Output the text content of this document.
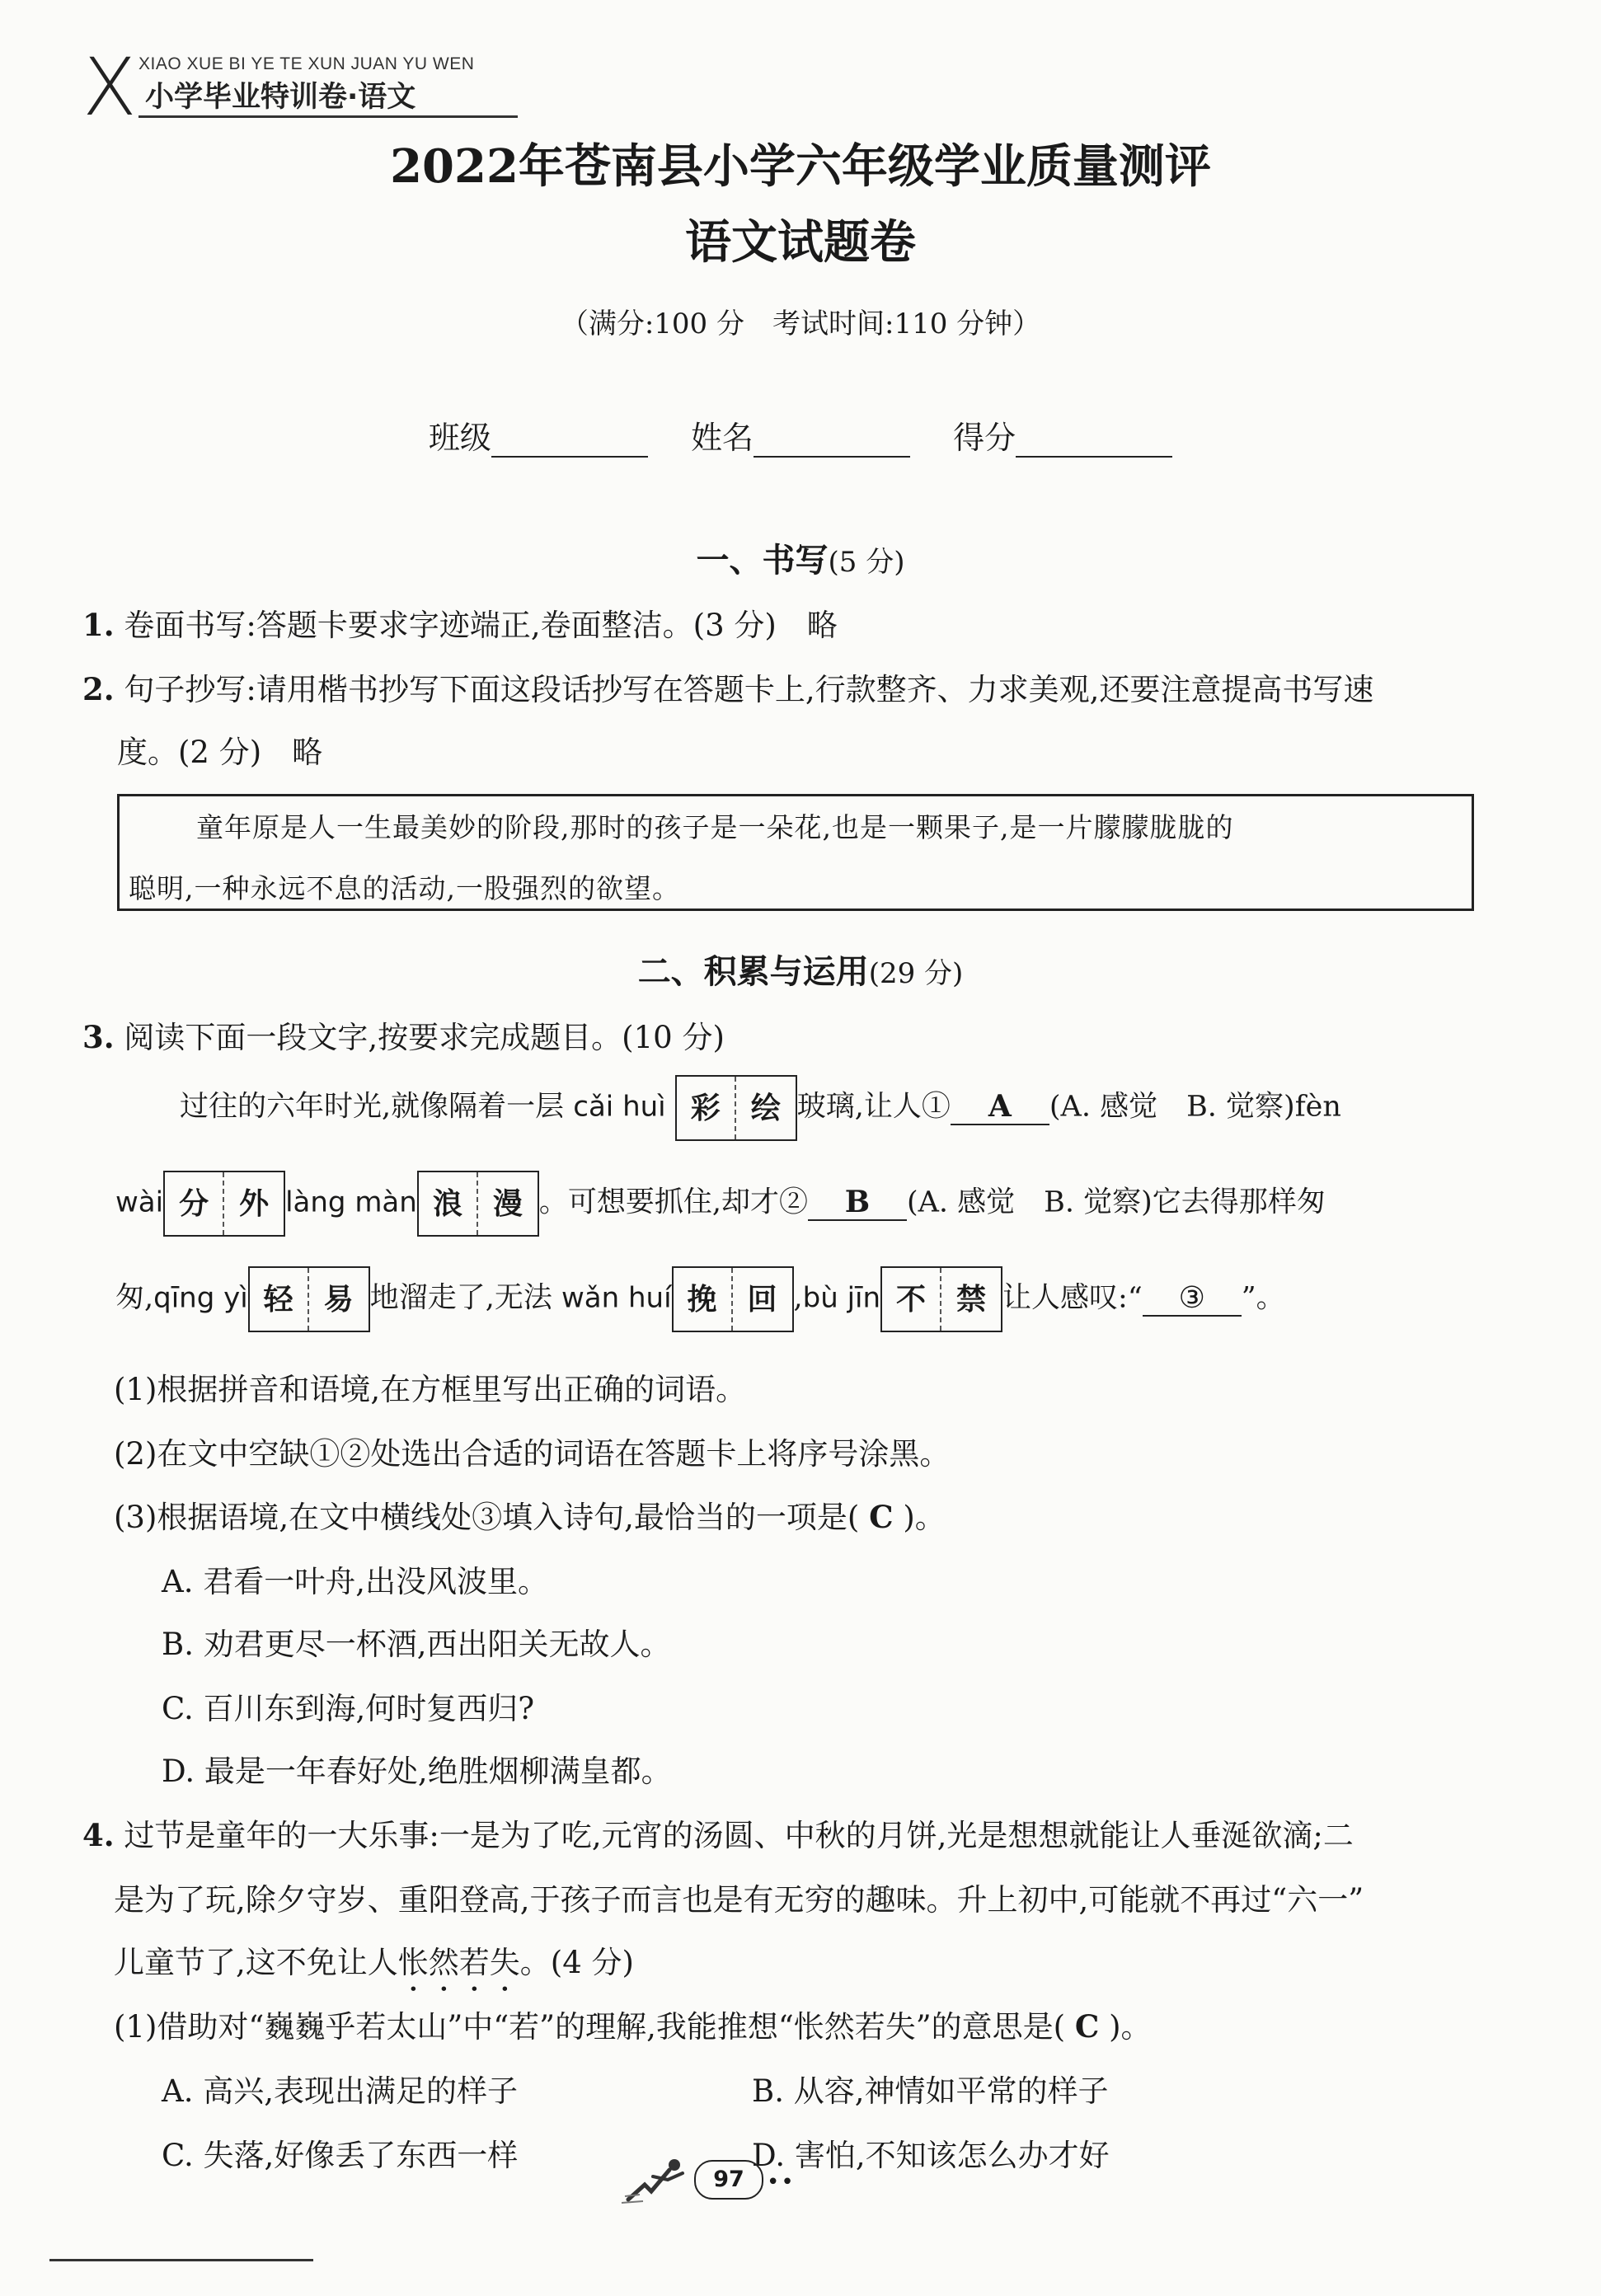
X XIAO XUE BI YE TE XUN JUAN YU WEN
小学毕业特训卷·语文
2022年苍南县小学六年级学业质量测评
语文试题卷
（满分:100 分　考试时间:110 分钟）
班级	姓名	得分
一、书写(5 分)
1. 卷面书写:答题卡要求字迹端正,卷面整洁。(3 分)　略
2. 句子抄写:请用楷书抄写下面这段话抄写在答题卡上,行款整齐、力求美观,还要注意提高书写速
度。(2 分)　略
童年原是人一生最美妙的阶段,那时的孩子是一朵花,也是一颗果子,是一片朦朦胧胧的
聪明,一种永远不息的活动,一股强烈的欲望。
二、积累与运用(29 分)
3. 阅读下面一段文字,按要求完成题目。(10 分)
过往的六年时光,就像隔着一层 cǎi huì 彩 绘 玻璃,让人① A (A. 感觉　B. 觉察)fèn
wài 分 外 làng màn 浪 漫 。可想要抓住,却才② B (A. 感觉　B. 觉察)它去得那样匆
匆,qīng yì 轻 易 地溜走了,无法 wǎn huí 挽 回 ,bù jīn 不 禁 让人感叹:“ ③ ”。
(1)根据拼音和语境,在方框里写出正确的词语。
(2)在文中空缺①②处选出合适的词语在答题卡上将序号涂黑。
(3)根据语境,在文中横线处③填入诗句,最恰当的一项是( C )。
A. 君看一叶舟,出没风波里。
B. 劝君更尽一杯酒,西出阳关无故人。
C. 百川东到海,何时复西归?
D. 最是一年春好处,绝胜烟柳满皇都。
4. 过节是童年的一大乐事:一是为了吃,元宵的汤圆、中秋的月饼,光是想想就能让人垂涎欲滴;二
是为了玩,除夕守岁、重阳登高,于孩子而言也是有无穷的趣味。升上初中,可能就不再过“六一”
儿童节了,这不免让人怅然若失。(4 分)
(1)借助对“巍巍乎若太山”中“若”的理解,我能推想“怅然若失”的意思是( C )。
A. 高兴,表现出满足的样子	B. 从容,神情如平常的样子
C. 失落,好像丢了东西一样	D. 害怕,不知该怎么办才好
97	••
